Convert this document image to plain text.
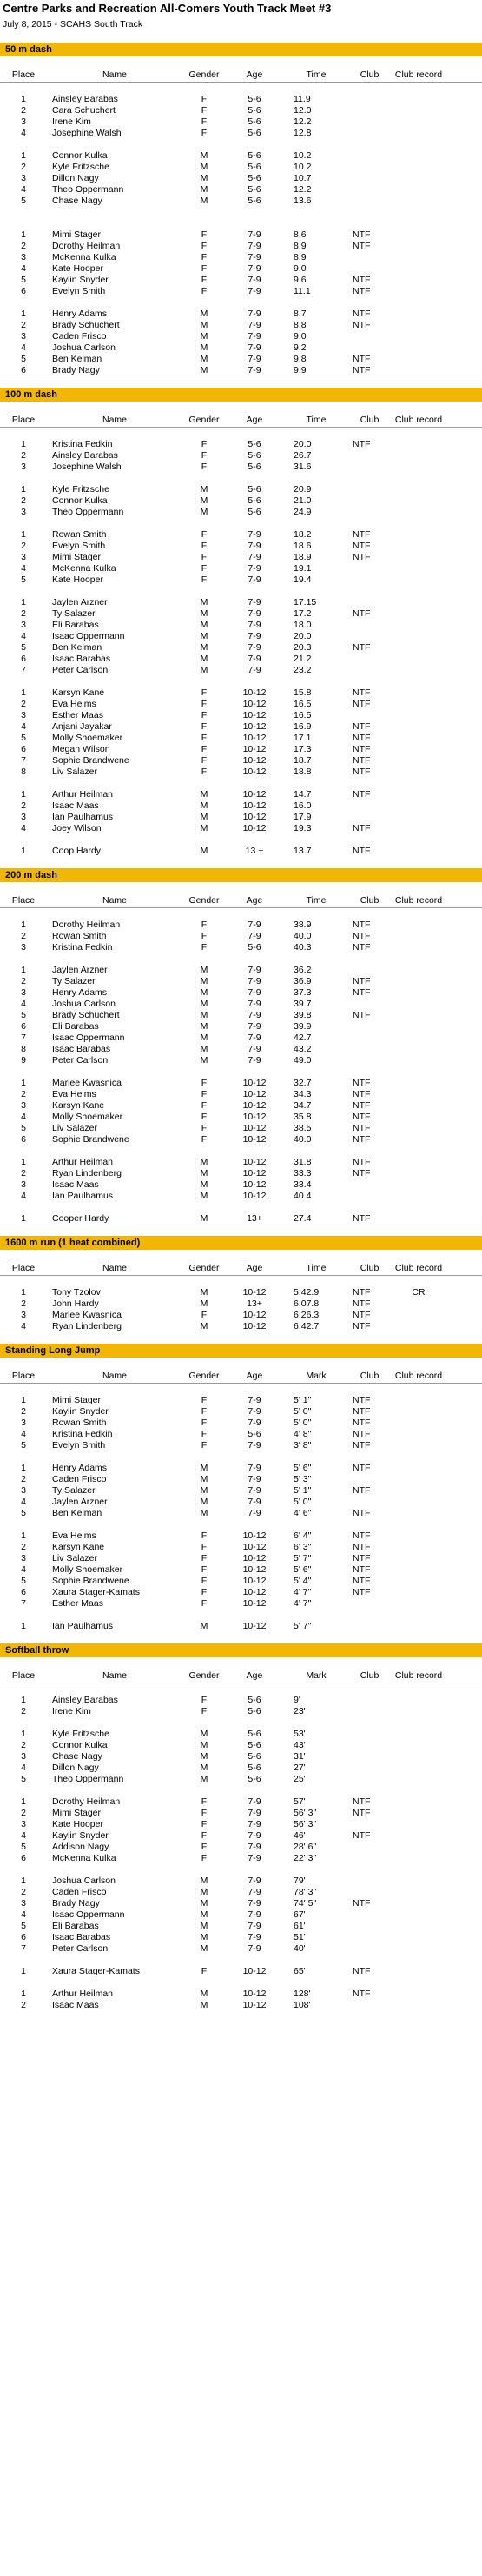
Centre Parks and Recreation All-Comers Youth Track Meet #3
July 8, 2015 - SCAHS South Track
50 m dash
Place	Name	Gender	Age	Time	Club	Club record
1	Ainsley Barabas	F	5-6	11.9
2	Cara Schuchert	F	5-6	12.0
3	Irene Kim	F	5-6	12.2
4	Josephine Walsh	F	5-6	12.8
1	Connor Kulka	M	5-6	10.2
2	Kyle Fritzsche	M	5-6	10.2
3	Dillon Nagy	M	5-6	10.7
4	Theo Oppermann	M	5-6	12.2
5	Chase Nagy	M	5-6	13.6
1	Mimi Stager	F	7-9	8.6	NTF
2	Dorothy Heilman	F	7-9	8.9	NTF
3	McKenna Kulka	F	7-9	8.9
4	Kate Hooper	F	7-9	9.0
5	Kaylin Snyder	F	7-9	9.6	NTF
6	Evelyn Smith	F	7-9	11.1	NTF
1	Henry Adams	M	7-9	8.7	NTF
2	Brady Schuchert	M	7-9	8.8	NTF
3	Caden Frisco	M	7-9	9.0
4	Joshua Carlson	M	7-9	9.2
5	Ben Kelman	M	7-9	9.8	NTF
6	Brady Nagy	M	7-9	9.9	NTF
100 m dash
Place	Name	Gender	Age	Time	Club	Club record
1	Kristina Fedkin	F	5-6	20.0	NTF
2	Ainsley Barabas	F	5-6	26.7
3	Josephine Walsh	F	5-6	31.6
1	Kyle Fritzsche	M	5-6	20.9
2	Connor Kulka	M	5-6	21.0
3	Theo Oppermann	M	5-6	24.9
1	Rowan Smith	F	7-9	18.2	NTF
2	Evelyn Smith	F	7-9	18.6	NTF
3	Mimi Stager	F	7-9	18.9	NTF
4	McKenna Kulka	F	7-9	19.1
5	Kate Hooper	F	7-9	19.4
1	Jaylen Arzner	M	7-9	17.15
2	Ty Salazer	M	7-9	17.2	NTF
3	Eli Barabas	M	7-9	18.0
4	Isaac Oppermann	M	7-9	20.0
5	Ben Kelman	M	7-9	20.3	NTF
6	Isaac Barabas	M	7-9	21.2
7	Peter Carlson	M	7-9	23.2
1	Karsyn Kane	F	10-12	15.8	NTF
2	Eva Helms	F	10-12	16.5	NTF
3	Esther Maas	F	10-12	16.5
4	Anjani Jayakar	F	10-12	16.9	NTF
5	Molly Shoemaker	F	10-12	17.1	NTF
6	Megan Wilson	F	10-12	17.3	NTF
7	Sophie Brandwene	F	10-12	18.7	NTF
8	Liv Salazer	F	10-12	18.8	NTF
1	Arthur Heilman	M	10-12	14.7	NTF
2	Isaac Maas	M	10-12	16.0
3	Ian Paulhamus	M	10-12	17.9
4	Joey Wilson	M	10-12	19.3	NTF
1	Coop Hardy	M	13 +	13.7	NTF
200 m dash
Place	Name	Gender	Age	Time	Club	Club record
1	Dorothy Heilman	F	7-9	38.9	NTF
2	Rowan Smith	F	7-9	40.0	NTF
3	Kristina Fedkin	F	5-6	40.3	NTF
1	Jaylen Arzner	M	7-9	36.2
2	Ty Salazer	M	7-9	36.9	NTF
3	Henry Adams	M	7-9	37.3	NTF
4	Joshua Carlson	M	7-9	39.7
5	Brady Schuchert	M	7-9	39.8	NTF
6	Eli Barabas	M	7-9	39.9
7	Isaac Oppermann	M	7-9	42.7
8	Isaac Barabas	M	7-9	43.2
9	Peter Carlson	M	7-9	49.0
1	Marlee Kwasnica	F	10-12	32.7	NTF
2	Eva Helms	F	10-12	34.3	NTF
3	Karsyn Kane	F	10-12	34.7	NTF
4	Molly Shoemaker	F	10-12	35.8	NTF
5	Liv Salazer	F	10-12	38.5	NTF
6	Sophie Brandwene	F	10-12	40.0	NTF
1	Arthur Heilman	M	10-12	31.8	NTF
2	Ryan Lindenberg	M	10-12	33.3	NTF
3	Isaac Maas	M	10-12	33.4
4	Ian Paulhamus	M	10-12	40.4
1	Cooper Hardy	M	13+	27.4	NTF
1600 m run (1 heat combined)
Place	Name	Gender	Age	Time	Club	Club record
1	Tony Tzolov	M	10-12	5:42.9	NTF	CR
2	John Hardy	M	13+	6:07.8	NTF
3	Marlee Kwasnica	F	10-12	6:26.3	NTF
4	Ryan Lindenberg	M	10-12	6:42.7	NTF
Standing Long Jump
Place	Name	Gender	Age	Mark	Club	Club record
1	Mimi Stager	F	7-9	5' 1"	NTF
2	Kaylin Snyder	F	7-9	5' 0"	NTF
3	Rowan Smith	F	7-9	5' 0"	NTF
4	Kristina Fedkin	F	5-6	4' 8"	NTF
5	Evelyn Smith	F	7-9	3' 8"	NTF
1	Henry Adams	M	7-9	5' 6"	NTF
2	Caden Frisco	M	7-9	5' 3"
3	Ty Salazer	M	7-9	5' 1"	NTF
4	Jaylen Arzner	M	7-9	5' 0"
5	Ben Kelman	M	7-9	4' 6"	NTF
1	Eva Helms	F	10-12	6' 4"	NTF
2	Karsyn Kane	F	10-12	6' 3"	NTF
3	Liv Salazer	F	10-12	5' 7"	NTF
4	Molly Shoemaker	F	10-12	5' 6"	NTF
5	Sophie Brandwene	F	10-12	5' 4"	NTF
6	Xaura Stager-Kamats	F	10-12	4' 7"	NTF
7	Esther Maas	F	10-12	4' 7"
1	Ian Paulhamus	M	10-12	5' 7"
Softball throw
Place	Name	Gender	Age	Mark	Club	Club record
1	Ainsley Barabas	F	5-6	9'
2	Irene Kim	F	5-6	23'
1	Kyle Fritzsche	M	5-6	53'
2	Connor Kulka	M	5-6	43'
3	Chase Nagy	M	5-6	31'
4	Dillon Nagy	M	5-6	27'
5	Theo Oppermann	M	5-6	25'
1	Dorothy Heilman	F	7-9	57'	NTF
2	Mimi Stager	F	7-9	56' 3"	NTF
3	Kate Hooper	F	7-9	56' 3"
4	Kaylin Snyder	F	7-9	46'	NTF
5	Addison Nagy	F	7-9	28' 6"
6	McKenna Kulka	F	7-9	22' 3"
1	Joshua Carlson	M	7-9	79'
2	Caden Frisco	M	7-9	78' 3"
3	Brady Nagy	M	7-9	74' 5"	NTF
4	Isaac Oppermann	M	7-9	67'
5	Eli Barabas	M	7-9	61'
6	Isaac Barabas	M	7-9	51'
7	Peter Carlson	M	7-9	40'
1	Xaura Stager-Kamats	F	10-12	65'	NTF
1	Arthur Heilman	M	10-12	128'	NTF
2	Isaac Maas	M	10-12	108'
